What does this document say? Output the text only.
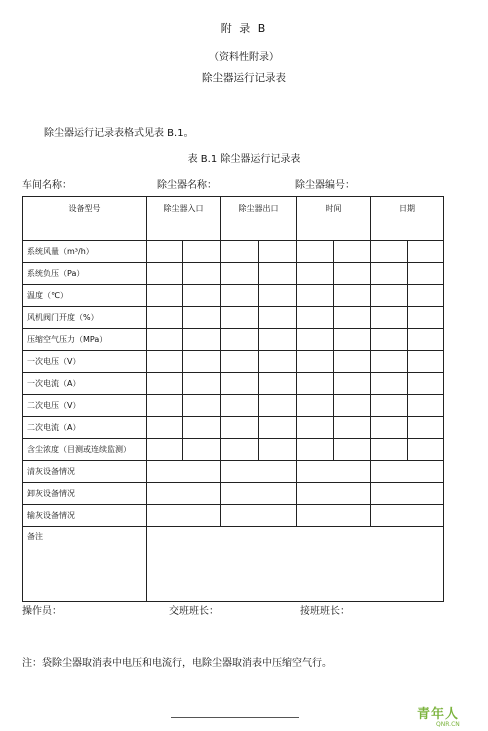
附 录 B
（资料性附录）
除尘器运行记录表
除尘器运行记录表格式见表 B.1。
表 B.1 除尘器运行记录表
车间名称：	除尘器名称：	除尘器编号：
设备型号	除尘器入口		除尘器出口		时间		日期	
系统风量（m³/h）								
系统负压（Pa）								
温度（℃）								
风机阀门开度（%）								
压缩空气压力（MPa）								
一次电压（V）								
一次电流（A）								
二次电压（V）								
二次电流（A）								
含尘浓度（目测或连续监测）								
清灰设备情况								
卸灰设备情况								
输灰设备情况								
备注								
操作员：	交班班长：	接班班长：
注：袋除尘器取消表中电压和电流行，电除尘器取消表中压缩空气行。
青年人
QNR.CN
